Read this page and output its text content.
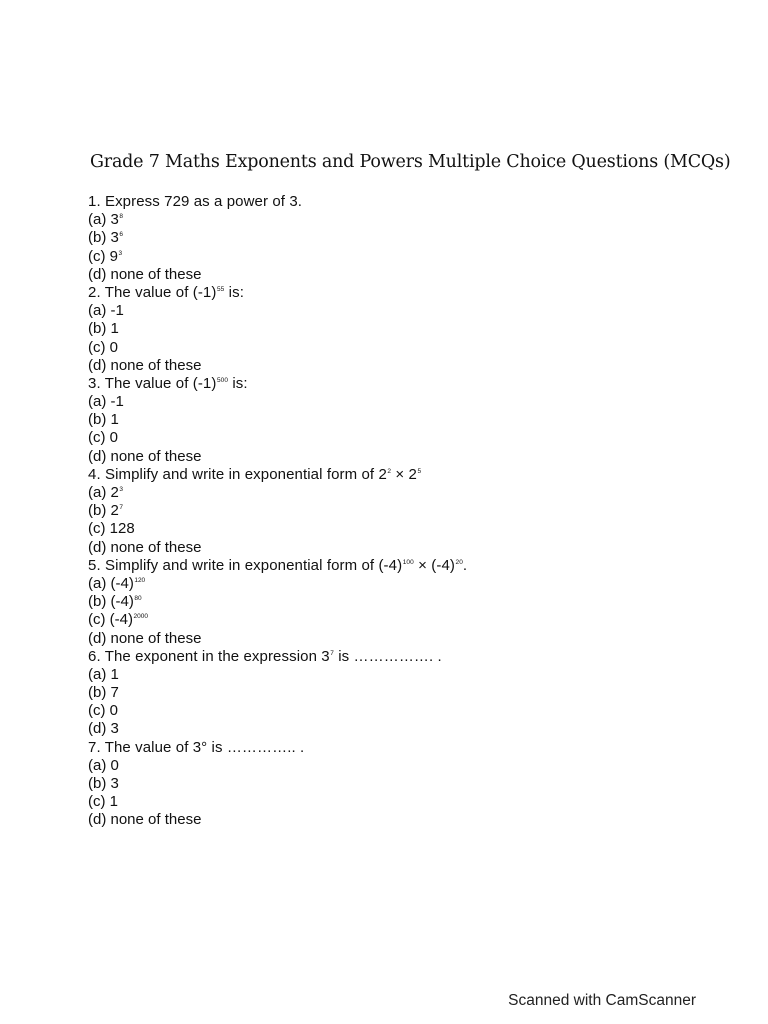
Grade 7 Maths Exponents and Powers Multiple Choice Questions (MCQs)
1. Express 729 as a power of 3.
(a) $3^8$
(b) $3^6$
(c) $9^3$
(d) none of these
2. The value of $(-1)^{55}$ is:
(a) -1
(b) 1
(c) 0
(d) none of these
3. The value of $(-1)^{500}$ is:
(a) -1
(b) 1
(c) 0
(d) none of these
4. Simplify and write in exponential form of $2^2 \times 2^5$
(a) $2^3$
(b) $2^7$
(c) 128
(d) none of these
5. Simplify and write in exponential form of $(-4)^{100} \times (-4)^{20}$.
(a) $(-4)^{120}$
(b) $(-4)^{80}$
(c) $(-4)^{2000}$
(d) none of these
6. The exponent in the expression $3^7$ is ……………. .
(a) 1
(b) 7
(c) 0
(d) 3
7. The value of 3° is ………….. .
(a) 0
(b) 3
(c) 1
(d) none of these
Scanned with CamScanner
